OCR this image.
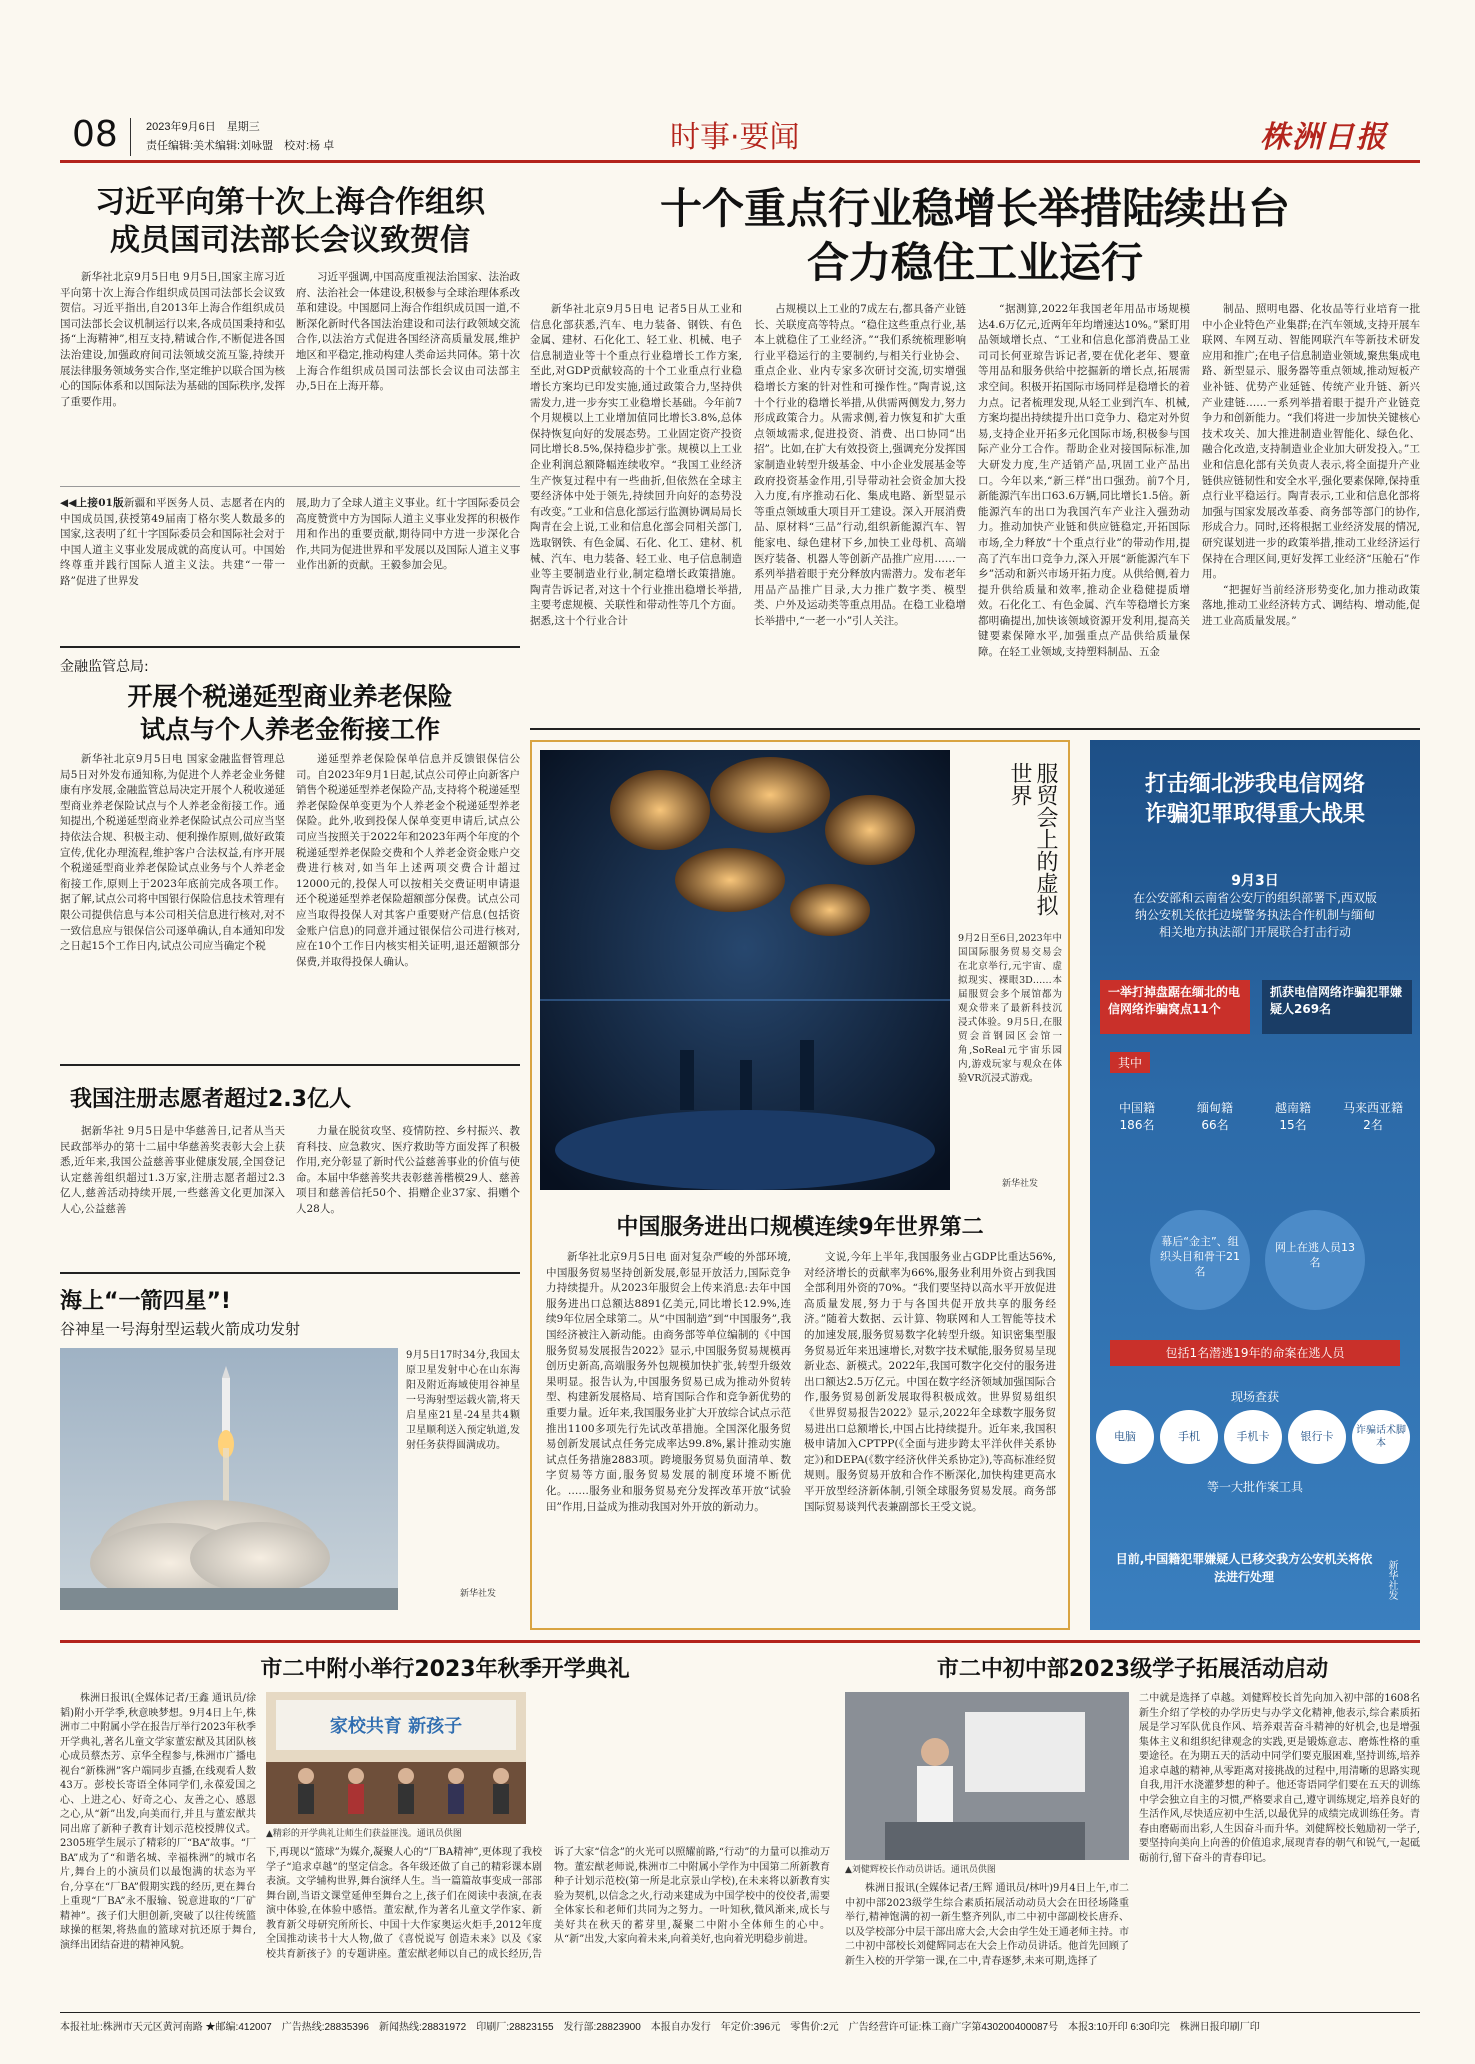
08	2023年9月6日　星期三
责任编辑:美术编辑:刘咏盟　校对:杨 卓	时事·要闻	株洲日报
习近平向第十次上海合作组织
成员国司法部长会议致贺信
新华社北京9月5日电 9月5日,国家主席习近平向第十次上海合作组织成员国司法部长会议致贺信。习近平指出,自2013年上海合作组织成员国司法部长会议机制运行以来,各成员国秉持和弘扬“上海精神”,相互支持,精诚合作,不断促进各国法治建设,加强政府间司法领域交流互鉴,持续开展法律服务领域务实合作,坚定维护以联合国为核心的国际体系和以国际法为基础的国际秩序,发挥了重要作用。
习近平强调,中国高度重视法治国家、法治政府、法治社会一体建设,积极参与全球治理体系改革和建设。中国愿同上海合作组织成员国一道,不断深化新时代各国法治建设和司法行政领域交流合作,以法治方式促进各国经济高质量发展,维护地区和平稳定,推动构建人类命运共同体。第十次上海合作组织成员国司法部长会议由司法部主办,5日在上海开幕。
◀◀上接01版新疆和平医务人员、志愿者在内的中国成员国,获授第49届南丁格尔奖人数最多的国家,这表明了红十字国际委员会和国际社会对于中国人道主义事业发展成就的高度认可。中国始终尊重并践行国际人道主义法。共建“一带一路”促进了世界发
展,助力了全球人道主义事业。红十字国际委员会高度赞赏中方为国际人道主义事业发挥的积极作用和作出的重要贡献,期待同中方进一步深化合作,共同为促进世界和平发展以及国际人道主义事业作出新的贡献。王毅参加会见。
金融监管总局:
开展个税递延型商业养老保险
试点与个人养老金衔接工作
新华社北京9月5日电 国家金融监督管理总局5日对外发布通知称,为促进个人养老金业务健康有序发展,金融监管总局决定开展个人税收递延型商业养老保险试点与个人养老金衔接工作。通知提出,个税递延型商业养老保险试点公司应当坚持依法合规、积极主动、便利操作原则,做好政策宣传,优化办理流程,维护客户合法权益,有序开展个税递延型商业养老保险试点业务与个人养老金衔接工作,原则上于2023年底前完成各项工作。据了解,试点公司将中国银行保险信息技术管理有限公司提供信息与本公司相关信息进行核对,对不一致信息应与银保信公司逐单确认,自本通知印发之日起15个工作日内,试点公司应当确定个税
递延型养老保险保单信息并反馈银保信公司。自2023年9月1日起,试点公司停止向新客户销售个税递延型养老保险产品,支持将个税递延型养老保险保单变更为个人养老金个税递延型养老保险。此外,收到投保人保单变更申请后,试点公司应当按照关于2022年和2023年两个年度的个税递延型养老保险交费和个人养老金资金账户交费进行核对,如当年上述两项交费合计超过12000元的,投保人可以按相关交费证明申请退还个税递延型养老保险超额部分保费。试点公司应当取得投保人对其客户重要财产信息(包括资金账户信息)的同意并通过银保信公司进行核对,应在10个工作日内核实相关证明,退还超额部分保费,并取得投保人确认。
我国注册志愿者超过2.3亿人
据新华社 9月5日是中华慈善日,记者从当天民政部举办的第十二届中华慈善奖表彰大会上获悉,近年来,我国公益慈善事业健康发展,全国登记认定慈善组织超过1.3万家,注册志愿者超过2.3亿人,慈善活动持续开展,一些慈善文化更加深入人心,公益慈善
力量在脱贫攻坚、疫情防控、乡村振兴、教育科技、应急救灾、医疗救助等方面发挥了积极作用,充分彰显了新时代公益慈善事业的价值与使命。本届中华慈善奖共表彰慈善楷模29人、慈善项目和慈善信托50个、捐赠企业37家、捐赠个人28人。
海上“一箭四星”!
谷神星一号海射型运载火箭成功发射
9月5日17时34分,我国太原卫星发射中心在山东海阳及附近海域使用谷神星一号海射型运载火箭,将天启星座21星-24星共4颗卫星顺利送入预定轨道,发射任务获得圆满成功。
新华社发
十个重点行业稳增长举措陆续出台
合力稳住工业运行
新华社北京9月5日电 记者5日从工业和信息化部获悉,汽车、电力装备、钢铁、有色金属、建材、石化化工、轻工业、机械、电子信息制造业等十个重点行业稳增长工作方案,至此,对GDP贡献较高的十个工业重点行业稳增长方案均已印发实施,通过政策合力,坚持供需发力,进一步夯实工业稳增长基础。今年前7个月规模以上工业增加值同比增长3.8%,总体保持恢复向好的发展态势。工业固定资产投资同比增长8.5%,保持稳步扩张。规模以上工业企业利润总额降幅连续收窄。“我国工业经济生产恢复过程中有一些曲折,但依然在全球主要经济体中处于领先,持续回升向好的态势没有改变。”工业和信息化部运行监测协调局局长陶青在会上说,工业和信息化部会同相关部门,选取钢铁、有色金属、石化、化工、建材、机械、汽车、电力装备、轻工业、电子信息制造业等主要制造业行业,制定稳增长政策措施。陶青告诉记者,对这十个行业推出稳增长举措,主要考虑规模、关联性和带动性等几个方面。据悉,这十个行业合计
占规模以上工业的7成左右,都具备产业链长、关联度高等特点。“稳住这些重点行业,基本上就稳住了工业经济。”“我们系统梳理影响行业平稳运行的主要制约,与相关行业协会、重点企业、业内专家多次研讨交流,切实增强稳增长方案的针对性和可操作性。”陶青说,这十个行业的稳增长举措,从供需两侧发力,努力形成政策合力。从需求侧,着力恢复和扩大重点领域需求,促进投资、消费、出口协同“出招”。比如,在扩大有效投资上,强调充分发挥国家制造业转型升级基金、中小企业发展基金等政府投资基金作用,引导带动社会资金加大投入力度,有序推动石化、集成电路、新型显示等重点领域重大项目开工建设。深入开展消费品、原材料“三品”行动,组织新能源汽车、智能家电、绿色建材下乡,加快工业母机、高端医疗装备、机器人等创新产品推广应用……一系列举措着眼于充分释放内需潜力。发布老年用品产品推广目录,大力推广数字类、模型类、户外及运动类等重点用品。在稳工业稳增长举措中,“一老一小”引人关注。
“据测算,2022年我国老年用品市场规模达4.6万亿元,近两年年均增速达10%。”紧盯用品领域增长点、“工业和信息化部消费品工业司司长何亚琼告诉记者,要在优化老年、婴童等用品和服务供给中挖掘新的增长点,拓展需求空间。积极开拓国际市场同样是稳增长的着力点。记者梳理发现,从轻工业到汽车、机械,方案均提出持续提升出口竞争力、稳定对外贸易,支持企业开拓多元化国际市场,积极参与国际产业分工合作。帮助企业对接国际标准,加大研发力度,生产适销产品,巩固工业产品出口。今年以来,“新三样”出口强劲。前7个月,新能源汽车出口63.6万辆,同比增长1.5倍。新能源汽车的出口为我国汽车产业注入强劲动力。推动加快产业链和供应链稳定,开拓国际市场,全力释放“十个重点行业”的带动作用,提高了汽车出口竞争力,深入开展“新能源汽车下乡”活动和新兴市场开拓力度。从供给侧,着力提升供给质量和效率,推动企业稳健提质增效。石化化工、有色金属、汽车等稳增长方案都明确提出,加快该领域资源开发利用,提高关键要素保障水平,加强重点产品供给质量保障。在轻工业领域,支持塑料制品、五金

制品、照明电器、化妆品等行业培育一批中小企业特色产业集群;在汽车领域,支持开展车联网、车网互动、智能网联汽车等新技术研发应用和推广;在电子信息制造业领域,聚焦集成电路、新型显示、服务器等重点领域,推动短板产业补链、优势产业延链、传统产业升链、新兴产业建链……一系列举措着眼于提升产业链竞争力和创新能力。“我们将进一步加快关键核心技术攻关、加大推进制造业智能化、绿色化、融合化改造,支持制造业企业加大研发投入。”工业和信息化部有关负责人表示,将全面提升产业链供应链韧性和安全水平,强化要素保障,保持重点行业平稳运行。陶青表示,工业和信息化部将加强与国家发展改革委、商务部等部门的协作,形成合力。同时,还将根据工业经济发展的情况,研究谋划进一步的政策举措,推动工业经济运行保持在合理区间,更好发挥工业经济“压舱石”作用。

“把握好当前经济形势变化,加力推动政策落地,推动工业经济转方式、调结构、增动能,促进工业高质量发展。”

服贸会上的虚拟世界
9月2日至6日,2023年中国国际服务贸易交易会在北京举行,元宇宙、虚拟现实、裸眼3D……本届服贸会多个展馆都为观众带来了最新科技沉浸式体验。9月5日,在服贸会首钢园区会馆一角,SoReal元宇宙乐园内,游戏玩家与观众在体验VR沉浸式游戏。
新华社发
中国服务进出口规模连续9年世界第二
新华社北京9月5日电 面对复杂严峻的外部环境,中国服务贸易坚持创新发展,彰显开放活力,国际竞争力持续提升。从2023年服贸会上传来消息:去年中国服务进出口总额达8891亿美元,同比增长12.9%,连续9年位居全球第二。从“中国制造”到“中国服务”,我国经济被注入新动能。由商务部等单位编制的《中国服务贸易发展报告2022》显示,中国服务贸易规模再创历史新高,高端服务外包规模加快扩张,转型升级效果明显。报告认为,中国服务贸易已成为推动外贸转型、构建新发展格局、培育国际合作和竞争新优势的重要力量。近年来,我国服务业扩大开放综合试点示范推出1100多项先行先试改革措施。全国深化服务贸易创新发展试点任务完成率达99.8%,累计推动实施试点任务措施2883项。跨境服务贸易负面清单、数字贸易等方面,服务贸易发展的制度环境不断优化。……服务业和服务贸易充分发挥改革开放“试验田”作用,日益成为推动我国对外开放的新动力。
文说,今年上半年,我国服务业占GDP比重达56%,对经济增长的贡献率为66%,服务业利用外资占到我国全部利用外资的70%。“我们要坚持以高水平开放促进高质量发展,努力于与各国共促开放共享的服务经济。”随着大数据、云计算、物联网和人工智能等技术的加速发展,服务贸易数字化转型升级。知识密集型服务贸易近年来迅速增长,对数字技术赋能,服务贸易呈现新业态、新模式。2022年,我国可数字化交付的服务进出口额达2.5万亿元。中国在数字经济领域加强国际合作,服务贸易创新发展取得积极成效。世界贸易组织《世界贸易报告2022》显示,2022年全球数字服务贸易进出口总额增长,中国占比持续提升。近年来,我国积极申请加入CPTPP(《全面与进步跨太平洋伙伴关系协定》)和DEPA(《数字经济伙伴关系协定》),等高标准经贸规则。服务贸易开放和合作不断深化,加快构建更高水平开放型经济新体制,引领全球服务贸易发展。商务部国际贸易谈判代表兼副部长王受文说。
打击缅北涉我电信网络
诈骗犯罪取得重大战果
9月3日
在公安部和云南省公安厅的组织部署下,西双版纳公安机关依托边境警务执法合作机制与缅甸相关地方执法部门开展联合打击行动
一举打掉盘踞在缅北的电信网络诈骗窝点11个
抓获电信网络诈骗犯罪嫌疑人269名
其中
中国籍
186名
缅甸籍
66名
越南籍
15名
马来西亚籍
2名
幕后“金主”、组织头目和骨干21名
网上在逃人员13名
包括1名潜逃19年的命案在逃人员
现场查获
电脑	手机	手机卡	银行卡	诈骗话术脚本
等一大批作案工具
目前,中国籍犯罪嫌疑人已移交我方公安机关将依法进行处理	新华社发
市二中附小举行2023年秋季开学典礼
株洲日报讯(全媒体记者/王鑫 通讯员/徐韬)附小开学季,秋意映梦想。9月4日上午,株洲市二中附属小学在报告厅举行2023年秋季开学典礼,著名儿童文学家董宏猷及其团队核心成员蔡杰芳、京华全程参与,株洲市广播电视台“新株洲”客户端同步直播,在线观看人数43万。彭校长寄语全体同学们,永葆爱国之心、上进之心、好奇之心、友善之心、感恩之心,从“新”出发,向美而行,并且与董宏猷共同出席了新种子教育计划示范校授牌仪式。2305班学生展示了精彩的厂“BA”故事。“厂BA”成为了“和谐名城、幸福株洲”的城市名片,舞台上的小演员们以最饱满的状态为平台,分享在“厂BA”假期实践的经历,更在舞台上重现“厂BA”永不服输、锐意进取的“厂矿精神”。孩子们大胆创新,突破了以往传统篮球操的框架,将热血的篮球对抗还原于舞台,演绎出团结奋进的精神风貌。
家校共育 新孩子
▲精彩的开学典礼让师生们获益匪浅。通讯员供图
下,再现以“篮球”为媒介,凝聚人心的“厂BA精神”,更体现了我校学子“追求卓越”的坚定信念。各年级还做了自己的精彩课本剧表演。文学辅构世界,舞台演绎人生。当一篇篇故事变成一部部舞台剧,当语文课堂延伸至舞台之上,孩子们在阅读中表演,在表演中体验,在体验中感悟。董宏猷,作为著名儿童文学作家、新教育新父母研究所所长、中国十大作家奥运火炬手,2012年度全国推动读书十大人物,做了《喜悦说写 创造未来》以及《家校共育新孩子》的专题讲座。董宏猷老师以自己的成长经历,告诉了大家“信念”的火光可以照耀前路,“行动”的力量可以推动万物。董宏猷老师说,株洲市二中附属小学作为中国第二所新教育种子计划示范校(第一所是北京景山学校),在未来将以新教育实验为契机,以信念之火,行动来建成为中国学校中的佼佼者,需要全体家长和老师们共同为之努力。一叶知秋,微风渐来,成长与美好共在秋天的蓄芽里,凝聚二中附小全体师生的心中。从“新”出发,大家向着未来,向着美好,也向着光明稳步前进。
市二中初中部2023级学子拓展活动启动
▲刘健辉校长作动员讲话。通讯员供图
株洲日报讯(全媒体记者/王辉 通讯员/林叶)9月4日上午,市二中初中部2023级学生综合素质拓展活动动员大会在田径场隆重举行,精神饱满的初一新生整齐列队,市二中初中部副校长唐乔、以及学校部分中层干部出席大会,大会由学生处王通老师主持。市二中初中部校长刘健辉同志在大会上作动员讲话。他首先回顾了新生入校的开学第一课,在二中,青春逐梦,未来可期,选择了
二中就是选择了卓越。刘健辉校长首先向加入初中部的1608名新生介绍了学校的办学历史与办学文化精神,他表示,综合素质拓展是学习军队优良作风、培养艰苦奋斗精神的好机会,也是增强集体主义和组织纪律观念的实践,更是锻炼意志、磨炼性格的重要途径。在为期五天的活动中同学们要克服困难,坚持训练,培养追求卓越的精神,从零距离对接挑战的过程中,用清晰的思路实现自我,用汗水浇灌梦想的种子。他还寄语同学们要在五天的训练中学会独立自主的习惯,严格要求自己,遵守训练规定,培养良好的生活作风,尽快适应初中生活,以最优异的成绩完成训练任务。青春由磨砺而出彩,人生因奋斗而升华。刘健辉校长勉励初一学子,要坚持向美向上向善的价值追求,展现青春的朝气和锐气,一起砥砺前行,留下奋斗的青春印记。
本报社址:株洲市天元区黄河南路 ★邮编:412007　广告热线:28835396　新闻热线:28831972　印刷厂:28823155　发行部:28823900　本报自办发行　年定价:396元　零售价:2元　广告经营许可证:株工商广字第430200400087号　本报3:10开印 6:30印完　株洲日报印刷厂印
